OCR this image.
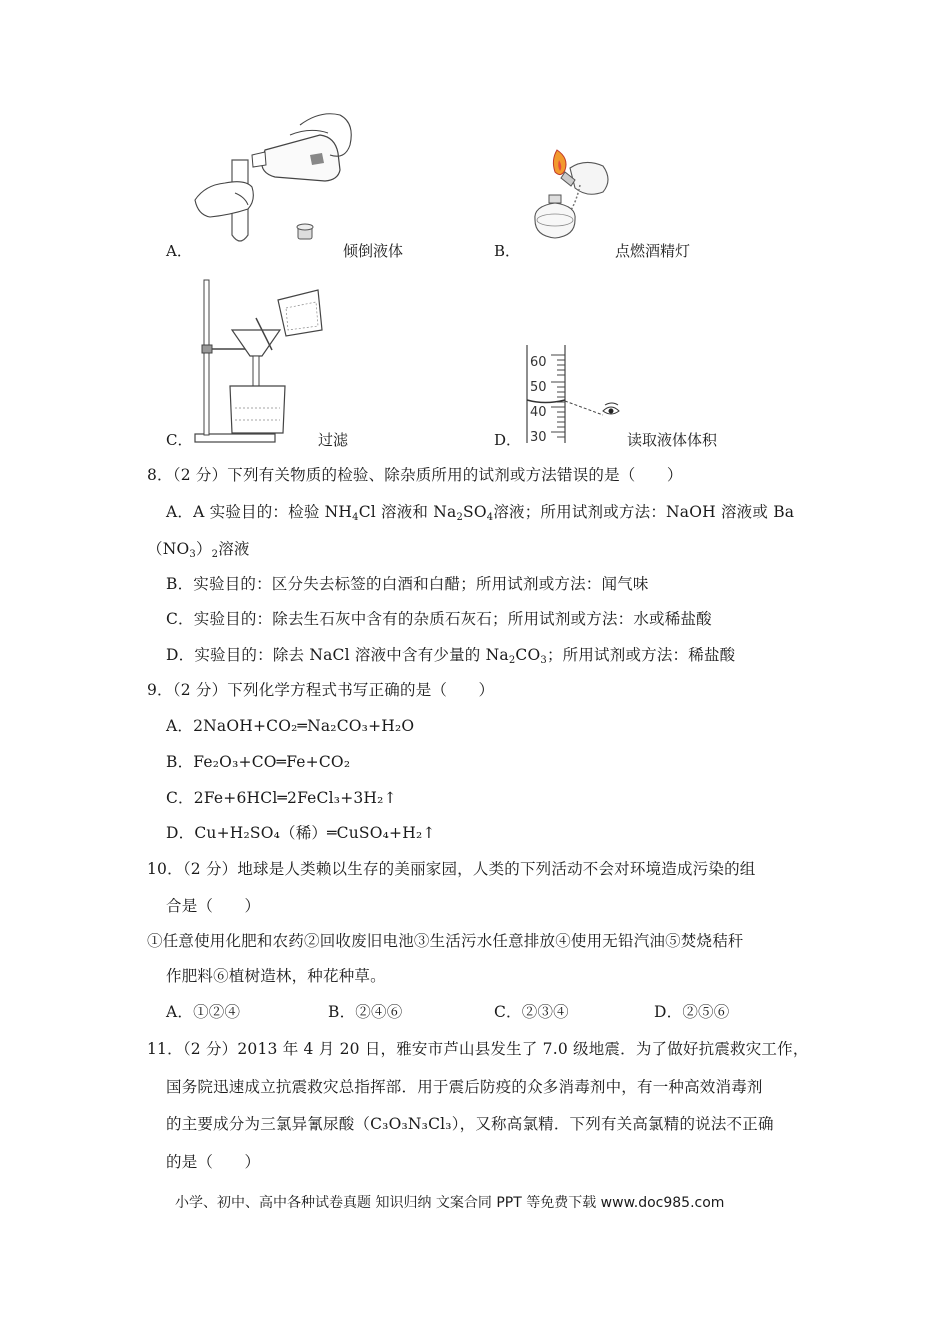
A．	倾倒液体	B．	点燃酒精灯
C．	过滤
60
50
40
30
D．	读取液体体积
8．（2 分）下列有关物质的检验、除杂质所用的试剂或方法错误的是（　　）
A．A 实验目的：检验 $NH_4Cl$ 溶液和 $Na_2SO_4$溶液；所用试剂或方法：NaOH 溶液或 Ba
$(NO_3)_2$溶液
B．实验目的：区分失去标签的白酒和白醋；所用试剂或方法：闻气味
C．实验目的：除去生石灰中含有的杂质石灰石；所用试剂或方法：水或稀盐酸
D．实验目的：除去 NaCl 溶液中含有少量的 $Na_2CO_3$；所用试剂或方法：稀盐酸
9．（2 分）下列化学方程式书写正确的是（　　）
A．2NaOH+CO₂═Na₂CO₃+H₂O
B．Fe₂O₃+CO═Fe+CO₂
C．2Fe+6HCl═2FeCl₃+3H₂↑
D．Cu+H₂SO₄（稀）═CuSO₄+H₂↑
10．（2 分）地球是人类赖以生存的美丽家园，人类的下列活动不会对环境造成污染的组
合是（　　）
①任意使用化肥和农药②回收废旧电池③生活污水任意排放④使用无铅汽油⑤焚烧秸秆
作肥料⑥植树造林，种花种草。
A．①②④	B．②④⑥	C．②③④	D．②⑤⑥
11．（2 分）2013 年 4 月 20 日，雅安市芦山县发生了 7.0 级地震．为了做好抗震救灾工作，
国务院迅速成立抗震救灾总指挥部．用于震后防疫的众多消毒剂中，有一种高效消毒剂
的主要成分为三氯异氰尿酸（C₃O₃N₃Cl₃），又称高氯精．下列有关高氯精的说法不正确
的是（　　）
小学、初中、高中各种试卷真题 知识归纳 文案合同 PPT 等免费下载 www.doc985.com
